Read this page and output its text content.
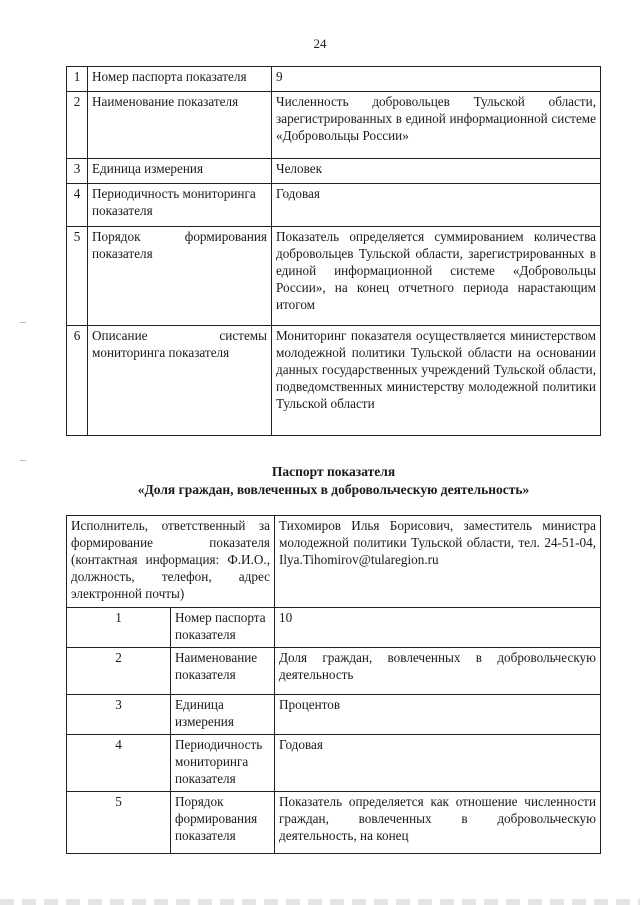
24
1	Номер паспорта показателя	9
2	Наименование показателя	Численность добровольцев Тульской области, зарегистрированных в единой информационной системе «Добровольцы России»
3	Единица измерения	Человек
4	Периодичность мониторинга показателя	Годовая
5	Порядок формирования показателя	Показатель определяется суммированием количества добровольцев Тульской области, зарегистрированных в единой информационной системе «Добровольцы России», на конец отчетного периода нарастающим итогом
6	Описание системы мониторинга показателя	Мониторинг показателя осуществляется министерством молодежной политики Тульской области на основании данных государственных учреждений Тульской области, подведомственных министерству молодежной политики Тульской области
Паспорт показателя
«Доля граждан, вовлеченных в добровольческую деятельность»
Исполнитель, ответственный за формирование показателя (контактная информация: Ф.И.О., должность, телефон, адрес электронной почты)		Тихомиров Илья Борисович, заместитель министра молодежной политики Тульской области, тел. 24-51-04, Ilya.Tihomirov@tularegion.ru
1	Номер паспорта показателя	10
2	Наименование показателя	Доля граждан, вовлеченных в добровольческую деятельность
3	Единица измерения	Процентов
4	Периодичность мониторинга показателя	Годовая
5	Порядок формирования показателя	Показатель определяется как отношение численности граждан, вовлеченных в добровольческую деятельность, на конец
